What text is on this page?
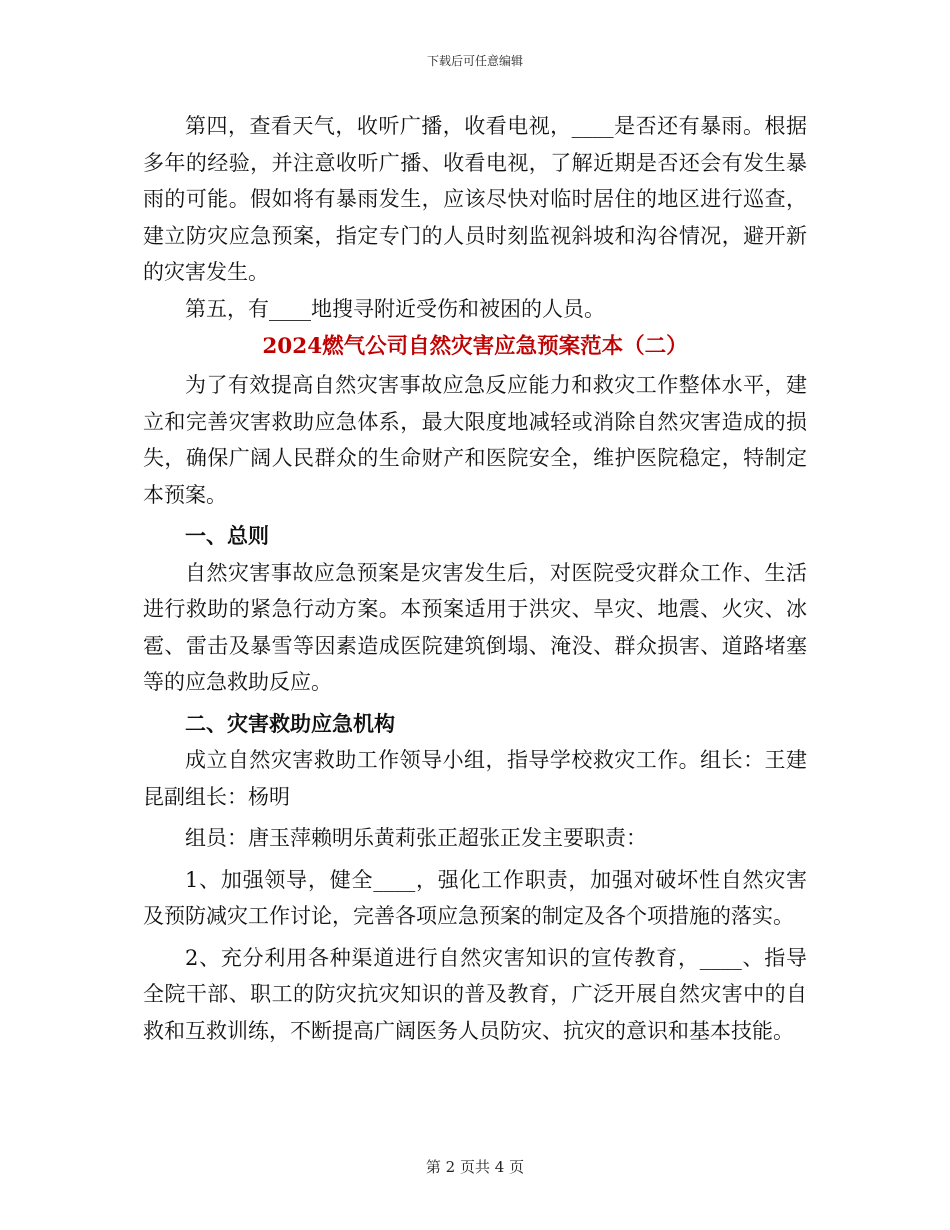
下载后可任意编辑

第四，查看天气，收听广播，收看电视，____是否还有暴雨。根据多年的经验，并注意收听广播、收看电视，了解近期是否还会有发生暴雨的可能。假如将有暴雨发生，应该尽快对临时居住的地区进行巡查，建立防灾应急预案，指定专门的人员时刻监视斜坡和沟谷情况，避开新的灾害发生。

第五，有____地搜寻附近受伤和被困的人员。

2024燃气公司自然灾害应急预案范本（二）

为了有效提高自然灾害事故应急反应能力和救灾工作整体水平，建立和完善灾害救助应急体系，最大限度地减轻或消除自然灾害造成的损失，确保广阔人民群众的生命财产和医院安全，维护医院稳定，特制定本预案。

一、总则

自然灾害事故应急预案是灾害发生后，对医院受灾群众工作、生活进行救助的紧急行动方案。本预案适用于洪灾、旱灾、地震、火灾、冰雹、雷击及暴雪等因素造成医院建筑倒塌、淹没、群众损害、道路堵塞等的应急救助反应。

二、灾害救助应急机构

成立自然灾害救助工作领导小组，指导学校救灾工作。组长：王建昆副组长：杨明

组员：唐玉萍赖明乐黄莉张正超张正发主要职责：

1、加强领导，健全____，强化工作职责，加强对破坏性自然灾害及预防减灾工作讨论，完善各项应急预案的制定及各个项措施的落实。

2、充分利用各种渠道进行自然灾害知识的宣传教育，____、指导全院干部、职工的防灾抗灾知识的普及教育，广泛开展自然灾害中的自救和互救训练，不断提高广阔医务人员防灾、抗灾的意识和基本技能。

第 2 页共 4 页
